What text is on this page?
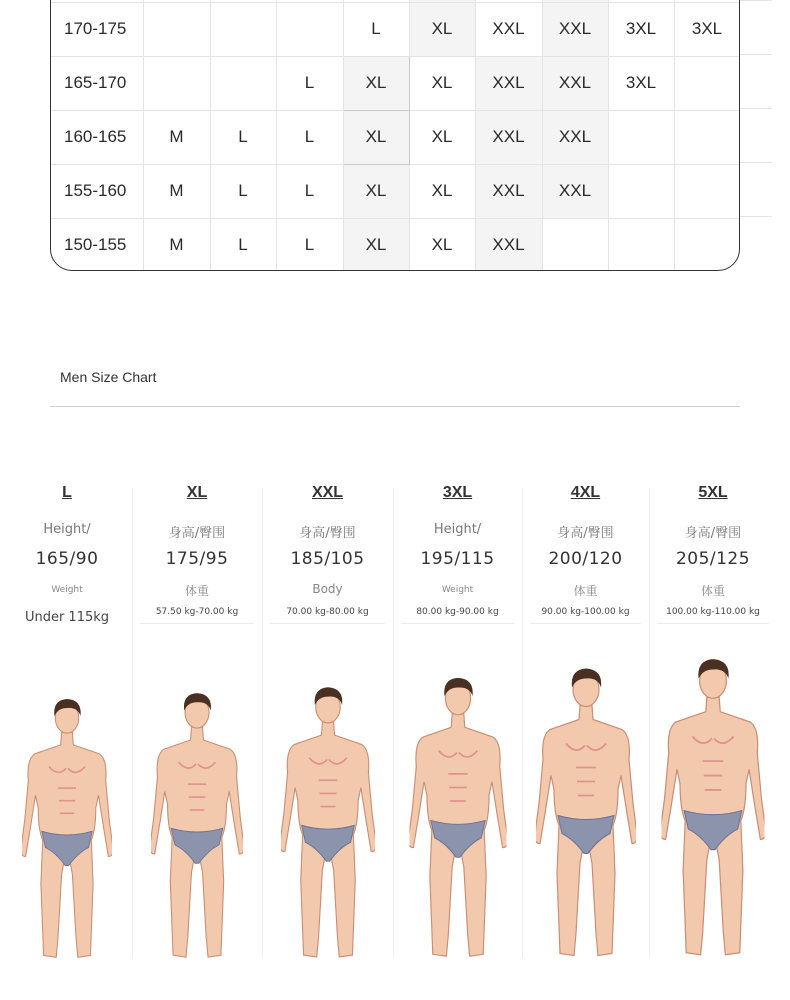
170-175				L	XL	XXL	XXL	3XL	3XL	
165-170			L	XL	XL	XXL	XXL	3XL		
160-165	M	L	L	XL	XL	XXL	XXL			
155-160	M	L	L	XL	XL	XXL	XXL			
150-155	M	L	L	XL	XL	XXL				
Men Size Chart
L
Height/
165/90
Weight
Under 115kg
XL
身高/臀围
175/95
体重
57.50 kg-70.00 kg
XXL
身高/臀围
185/105
Body
70.00 kg-80.00 kg
3XL
Height/
195/115
Weight
80.00 kg-90.00 kg
4XL
身高/臀围
200/120
体重
90.00 kg-100.00 kg
5XL
身高/臀围
205/125
体重
100.00 kg-110.00 kg
